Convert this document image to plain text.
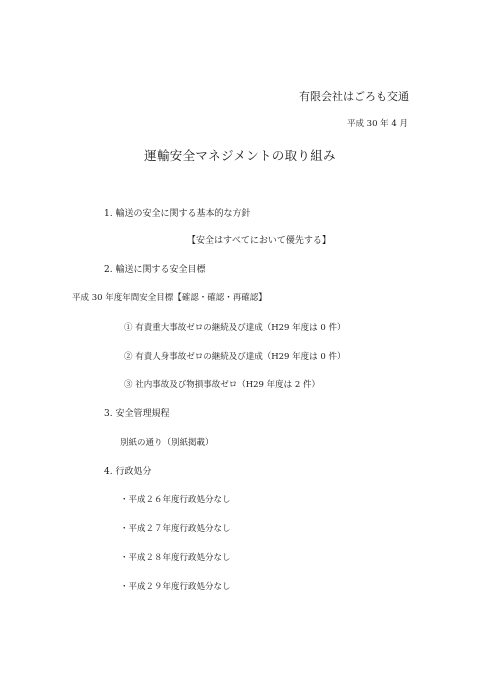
有限会社はごろも交通
平成 30 年 4 月
運輸安全マネジメントの取り組み
1. 輸送の安全に関する基本的な方針
【安全はすべてにおいて優先する】
2. 輸送に関する安全目標
平成 30 年度年間安全目標【確認・確認・再確認】
① 有責重大事故ゼロの継続及び達成（H29 年度は 0 件）
② 有責人身事故ゼロの継続及び達成（H29 年度は 0 件）
③ 社内事故及び物損事故ゼロ（H29 年度は 2 件）
3. 安全管理規程
別紙の通り（別紙掲載）
4. 行政処分
・平成２６年度行政処分なし
・平成２７年度行政処分なし
・平成２８年度行政処分なし
・平成２９年度行政処分なし
